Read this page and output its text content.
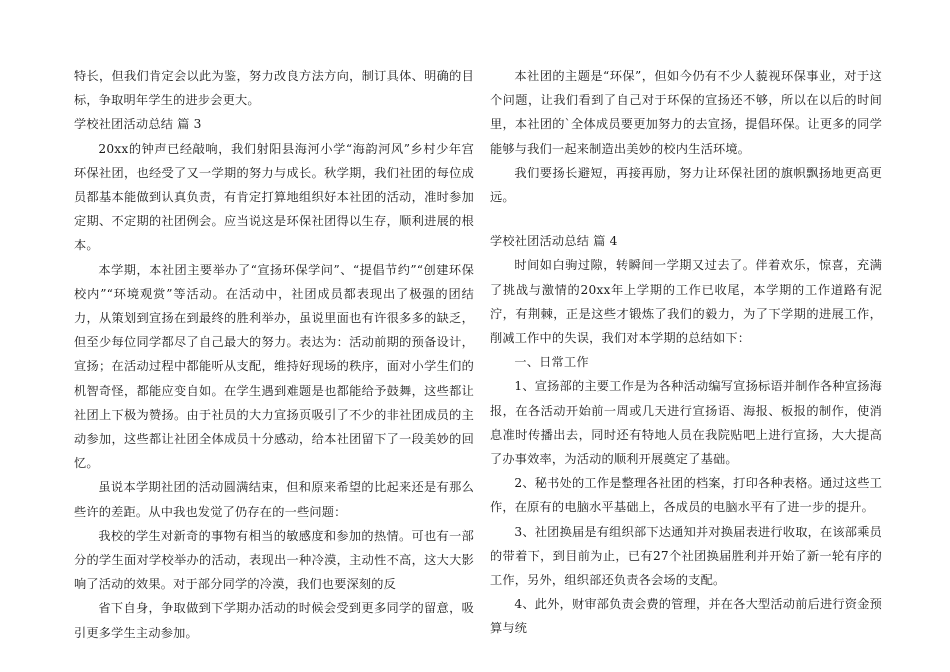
特长，但我们肯定会以此为鉴，努力改良方法方向，制订具体、明确的目标，争取明年学生的进步会更大。

学校社团活动总结 篇 3

20xx的钟声已经敲响，我们射阳县海河小学“海韵河风”乡村少年宫环保社团，也经受了又一学期的努力与成长。秋学期，我们社团的每位成员都基本能做到认真负责，有肯定打算地组织好本社团的活动，准时参加定期、不定期的社团例会。应当说这是环保社团得以生存，顺利进展的根本。

本学期，本社团主要举办了“宣扬环保学问”、“提倡节约”“创建环保校内”“环境观赏”等活动。在活动中，社团成员都表现出了极强的团结力，从策划到宣扬在到最终的胜利举办，虽说里面也有许很多多的缺乏，但至少每位同学都尽了自己最大的努力。表达为：活动前期的预备设计，宣扬；在活动过程中都能听从支配，维持好现场的秩序，面对小学生们的机智奇怪，都能应变自如。在学生遇到难题是也都能给予鼓舞，这些都让社团上下极为赞扬。由于社员的大力宣扬页吸引了不少的非社团成员的主动参加，这些都让社团全体成员十分感动，给本社团留下了一段美妙的回忆。

虽说本学期社团的活动圆满结束，但和原来希望的比起来还是有那么些许的差距。从中我也发觉了仍存在的一些问题：

我校的学生对新奇的事物有相当的敏感度和参加的热情。可也有一部分的学生面对学校举办的活动，表现出一种冷漠，主动性不高，这大大影响了活动的效果。对于部分同学的冷漠，我们也要深刻的反

省下自身，争取做到下学期办活动的时候会受到更多同学的留意，吸引更多学生主动参加。

本社团的主题是“环保”，但如今仍有不少人藐视环保事业，对于这个问题，让我们看到了自己对于环保的宣扬还不够，所以在以后的时间里，本社团的`全体成员要更加努力的去宣扬，提倡环保。让更多的同学能够与我们一起来制造出美妙的校内生活环境。

我们要扬长避短，再接再励，努力让环保社团的旗帜飘扬地更高更远。

学校社团活动总结 篇 4

时间如白驹过隙，转瞬间一学期又过去了。伴着欢乐，惊喜，充满了挑战与激情的20xx年上学期的工作已收尾，本学期的工作道路有泥泞，有荆棘，正是这些才锻炼了我们的毅力，为了下学期的进展工作，削减工作中的失误，我们对本学期的总结如下：

一、日常工作

1、宣扬部的主要工作是为各种活动编写宣扬标语并制作各种宣扬海报，在各活动开始前一周或几天进行宣扬语、海报、板报的制作，使消息准时传播出去，同时还有特地人员在我院贴吧上进行宣扬，大大提高了办事效率，为活动的顺利开展奠定了基础。

2、秘书处的工作是整理各社团的档案，打印各种表格。通过这些工作，在原有的电脑水平基础上，各成员的电脑水平有了进一步的提升。

3、社团换届是有组织部下达通知并对换届表进行收取，在该部乘员的带着下，到目前为止，已有27个社团换届胜利并开始了新一轮有序的工作，另外，组织部还负责各会场的支配。

4、此外，财审部负责会费的管理，并在各大型活动前后进行资金预算与统
